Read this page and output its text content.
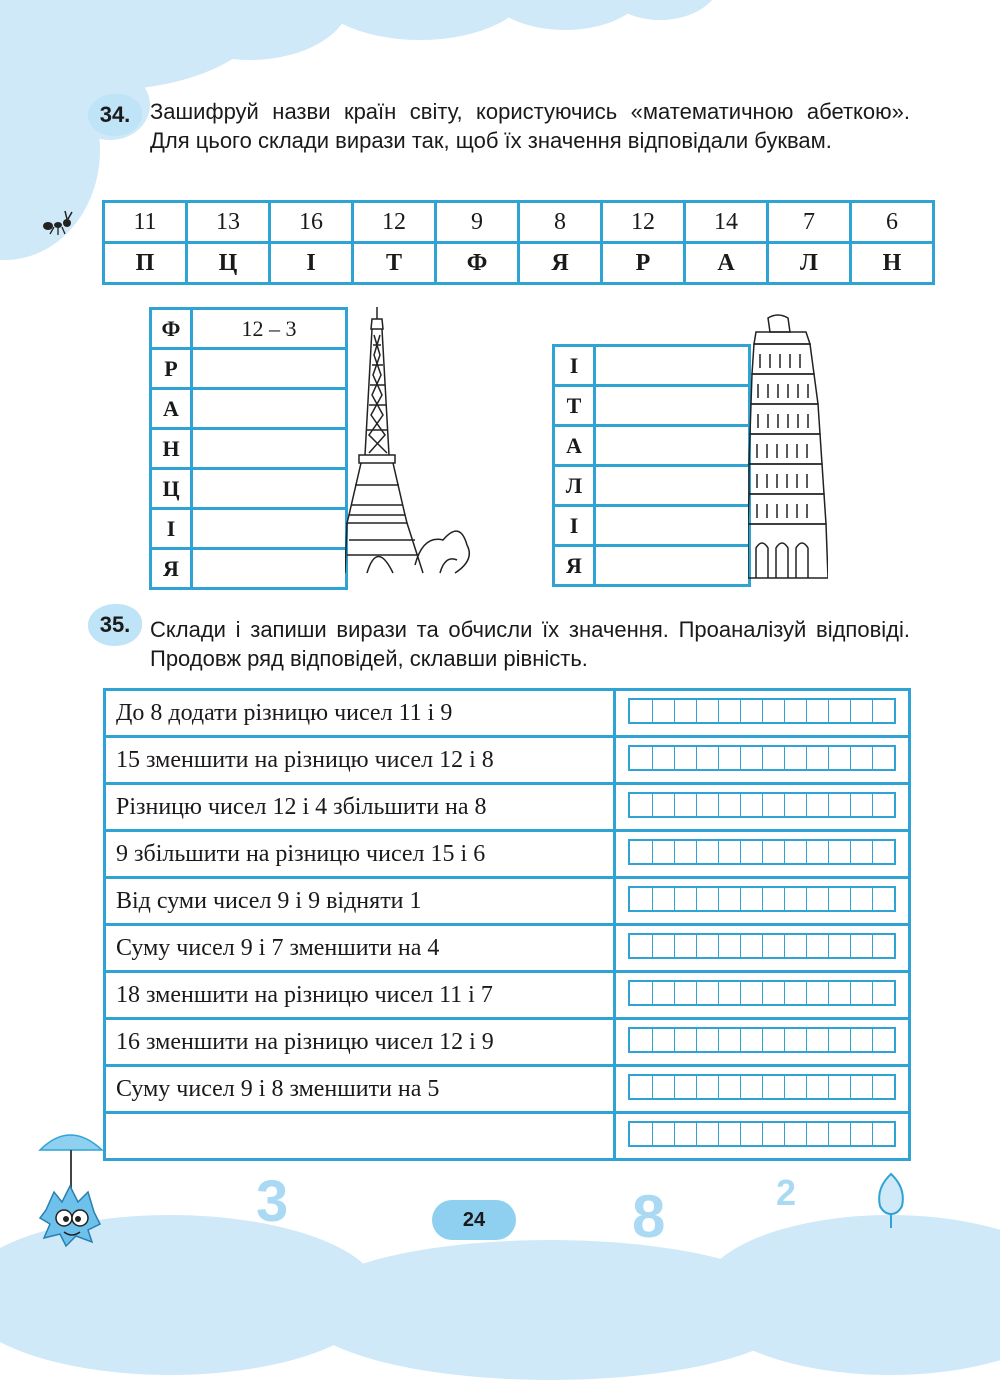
34. Зашифруй назви країн світу, користуючись «математичною абеткою». Для цього склади вирази так, щоб їх значення відповідали буквам.
11	13	16	12	9	8	12	14	7	6
П	Ц	І	Т	Ф	Я	Р	А	Л	Н
Ф	12 – 3
Р	
А	
Н	
Ц	
І	
Я	
І	
Т	
А	
Л	
І	
Я	
35. Склади і запиши вирази та обчисли їх значення. Проаналізуй відповіді. Продовж ряд відповідей, склавши рівність.
До 8 додати різницю чисел 11 і 9	

15 зменшити на різницю чисел 12 і 8	

Різницю чисел 12 і 4 збільшити на 8	

9 збільшити на різницю чисел 15 і 6	

Від суми чисел 9 і 9 відняти 1	

Суму чисел 9 і 7 зменшити на 4	

18 зменшити на різницю чисел 11 і 7	

16 зменшити на різницю чисел 12 і 9	

Суму чисел 9 і 8 зменшити на 5	

3	8	2
24
